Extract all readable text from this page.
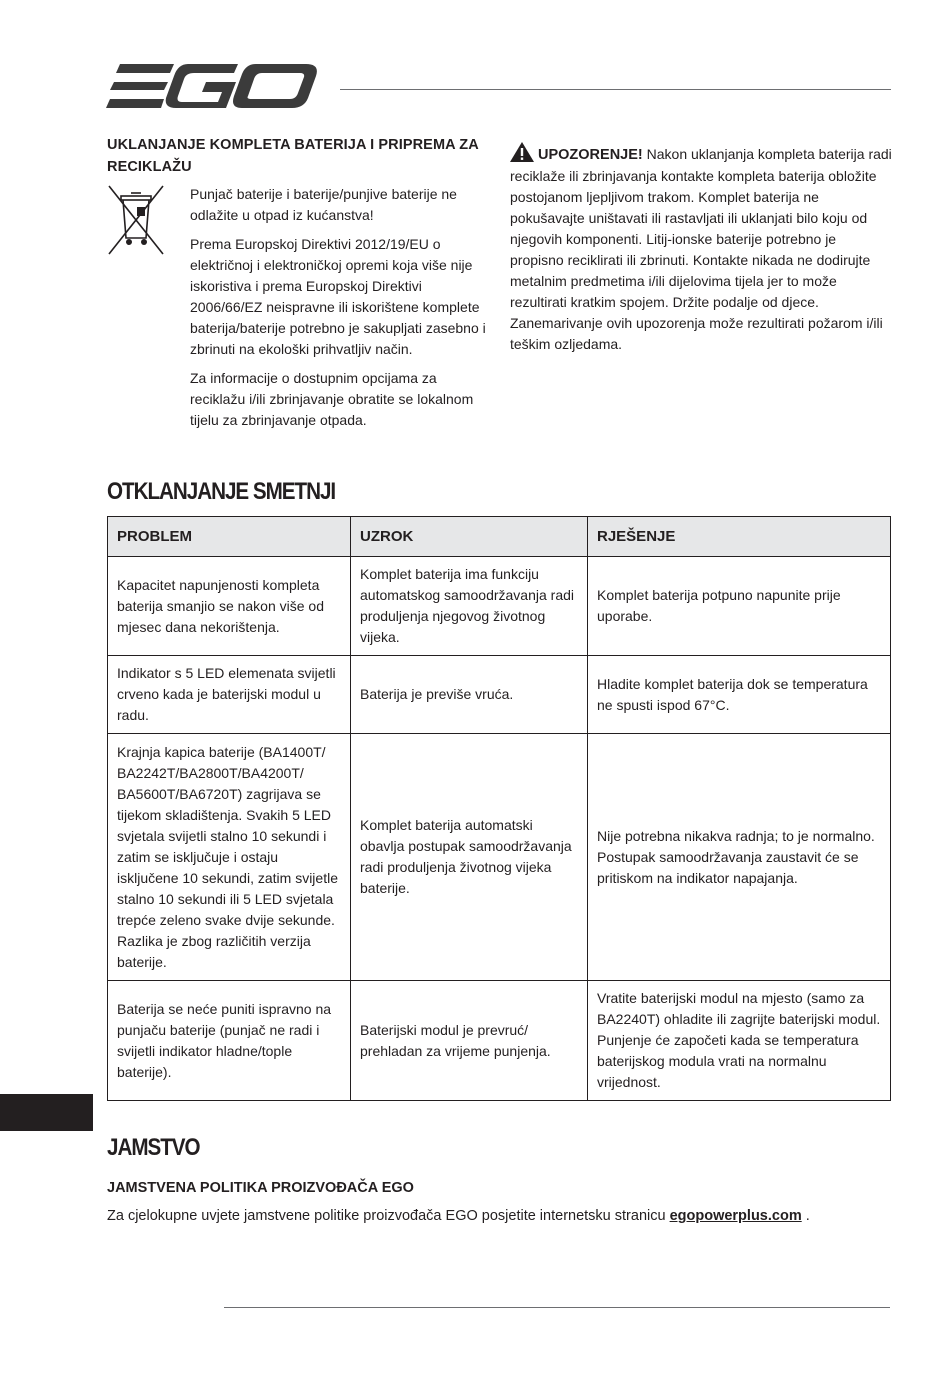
UKLANJANJE KOMPLETA BATERIJA I PRIPREMA ZA RECIKLAŽU

Punjač baterije i baterije/punjive baterije ne odlažite u otpad iz kućanstva!

Prema Europskoj Direktivi 2012/19/EU o električnoj i elektroničkoj opremi koja više nije iskoristiva i prema Europskoj Direktivi 2006/66/EZ neispravne ili iskorištene komplete baterija/baterije potrebno je sakupljati zasebno i zbrinuti na ekološki prihvatljiv način.

Za informacije o dostupnim opcijama za reciklažu i/ili zbrinjavanje obratite se lokalnom tijelu za zbrinjavanje otpada.

UPOZORENJE! Nakon uklanjanja kompleta baterija radi reciklaže ili zbrinjavanja kontakte kompleta baterija obložite postojanom ljepljivom trakom. Komplet baterija ne pokušavajte uništavati ili rastavljati ili uklanjati bilo koju od njegovih komponenti. Litij-ionske baterije potrebno je propisno reciklirati ili zbrinuti. Kontakte nikada ne dodirujte metalnim predmetima i/ili dijelovima tijela jer to može rezultirati kratkim spojem. Držite podalje od djece. Zanemarivanje ovih upozorenja može rezultirati požarom i/ili teškim ozljedama.
OTKLANJANJE SMETNJI
PROBLEM	UZROK	RJEŠENJE
Kapacitet napunjenosti kompleta baterija smanjio se nakon više od mjesec dana nekorištenja.	Komplet baterija ima funkciju automatskog samoodržavanja radi produljenja njegovog životnog vijeka.	Komplet baterija potpuno napunite prije uporabe.
Indikator s 5 LED elemenata svijetli crveno kada je baterijski modul u radu.	Baterija je previše vruća.	Hladite komplet baterija dok se temperatura ne spusti ispod 67°C.
Krajnja kapica baterije (BA1400T/ BA2242T/BA2800T/BA4200T/ BA5600T/BA6720T) zagrijava se tijekom skladištenja. Svakih 5 LED svjetala svijetli stalno 10 sekundi i zatim se isključuje i ostaju isključene 10 sekundi, zatim svijetle stalno 10 sekundi ili 5 LED svjetala trepće zeleno svake dvije sekunde. Razlika je zbog različitih verzija baterije.	Komplet baterija automatski obavlja postupak samoodržavanja radi produljenja životnog vijeka baterije.	Nije potrebna nikakva radnja; to je normalno. Postupak samoodržavanja zaustavit će se pritiskom na indikator napajanja.
Baterija se neće puniti ispravno na punjaču baterije (punjač ne radi i svijetli indikator hladne/tople baterije).	Baterijski modul je prevruć/ prehladan za vrijeme punjenja.	Vratite baterijski modul na mjesto (samo za BA2240T) ohladite ili zagrijte baterijski modul. Punjenje će započeti kada se temperatura baterijskog modula vrati na normalnu vrijednost.
JAMSTVO
JAMSTVENA POLITIKA PROIZVOĐAČA EGO
Za cjelokupne uvjete jamstvene politike proizvođača EGO posjetite internetsku stranicu egopowerplus.com .
